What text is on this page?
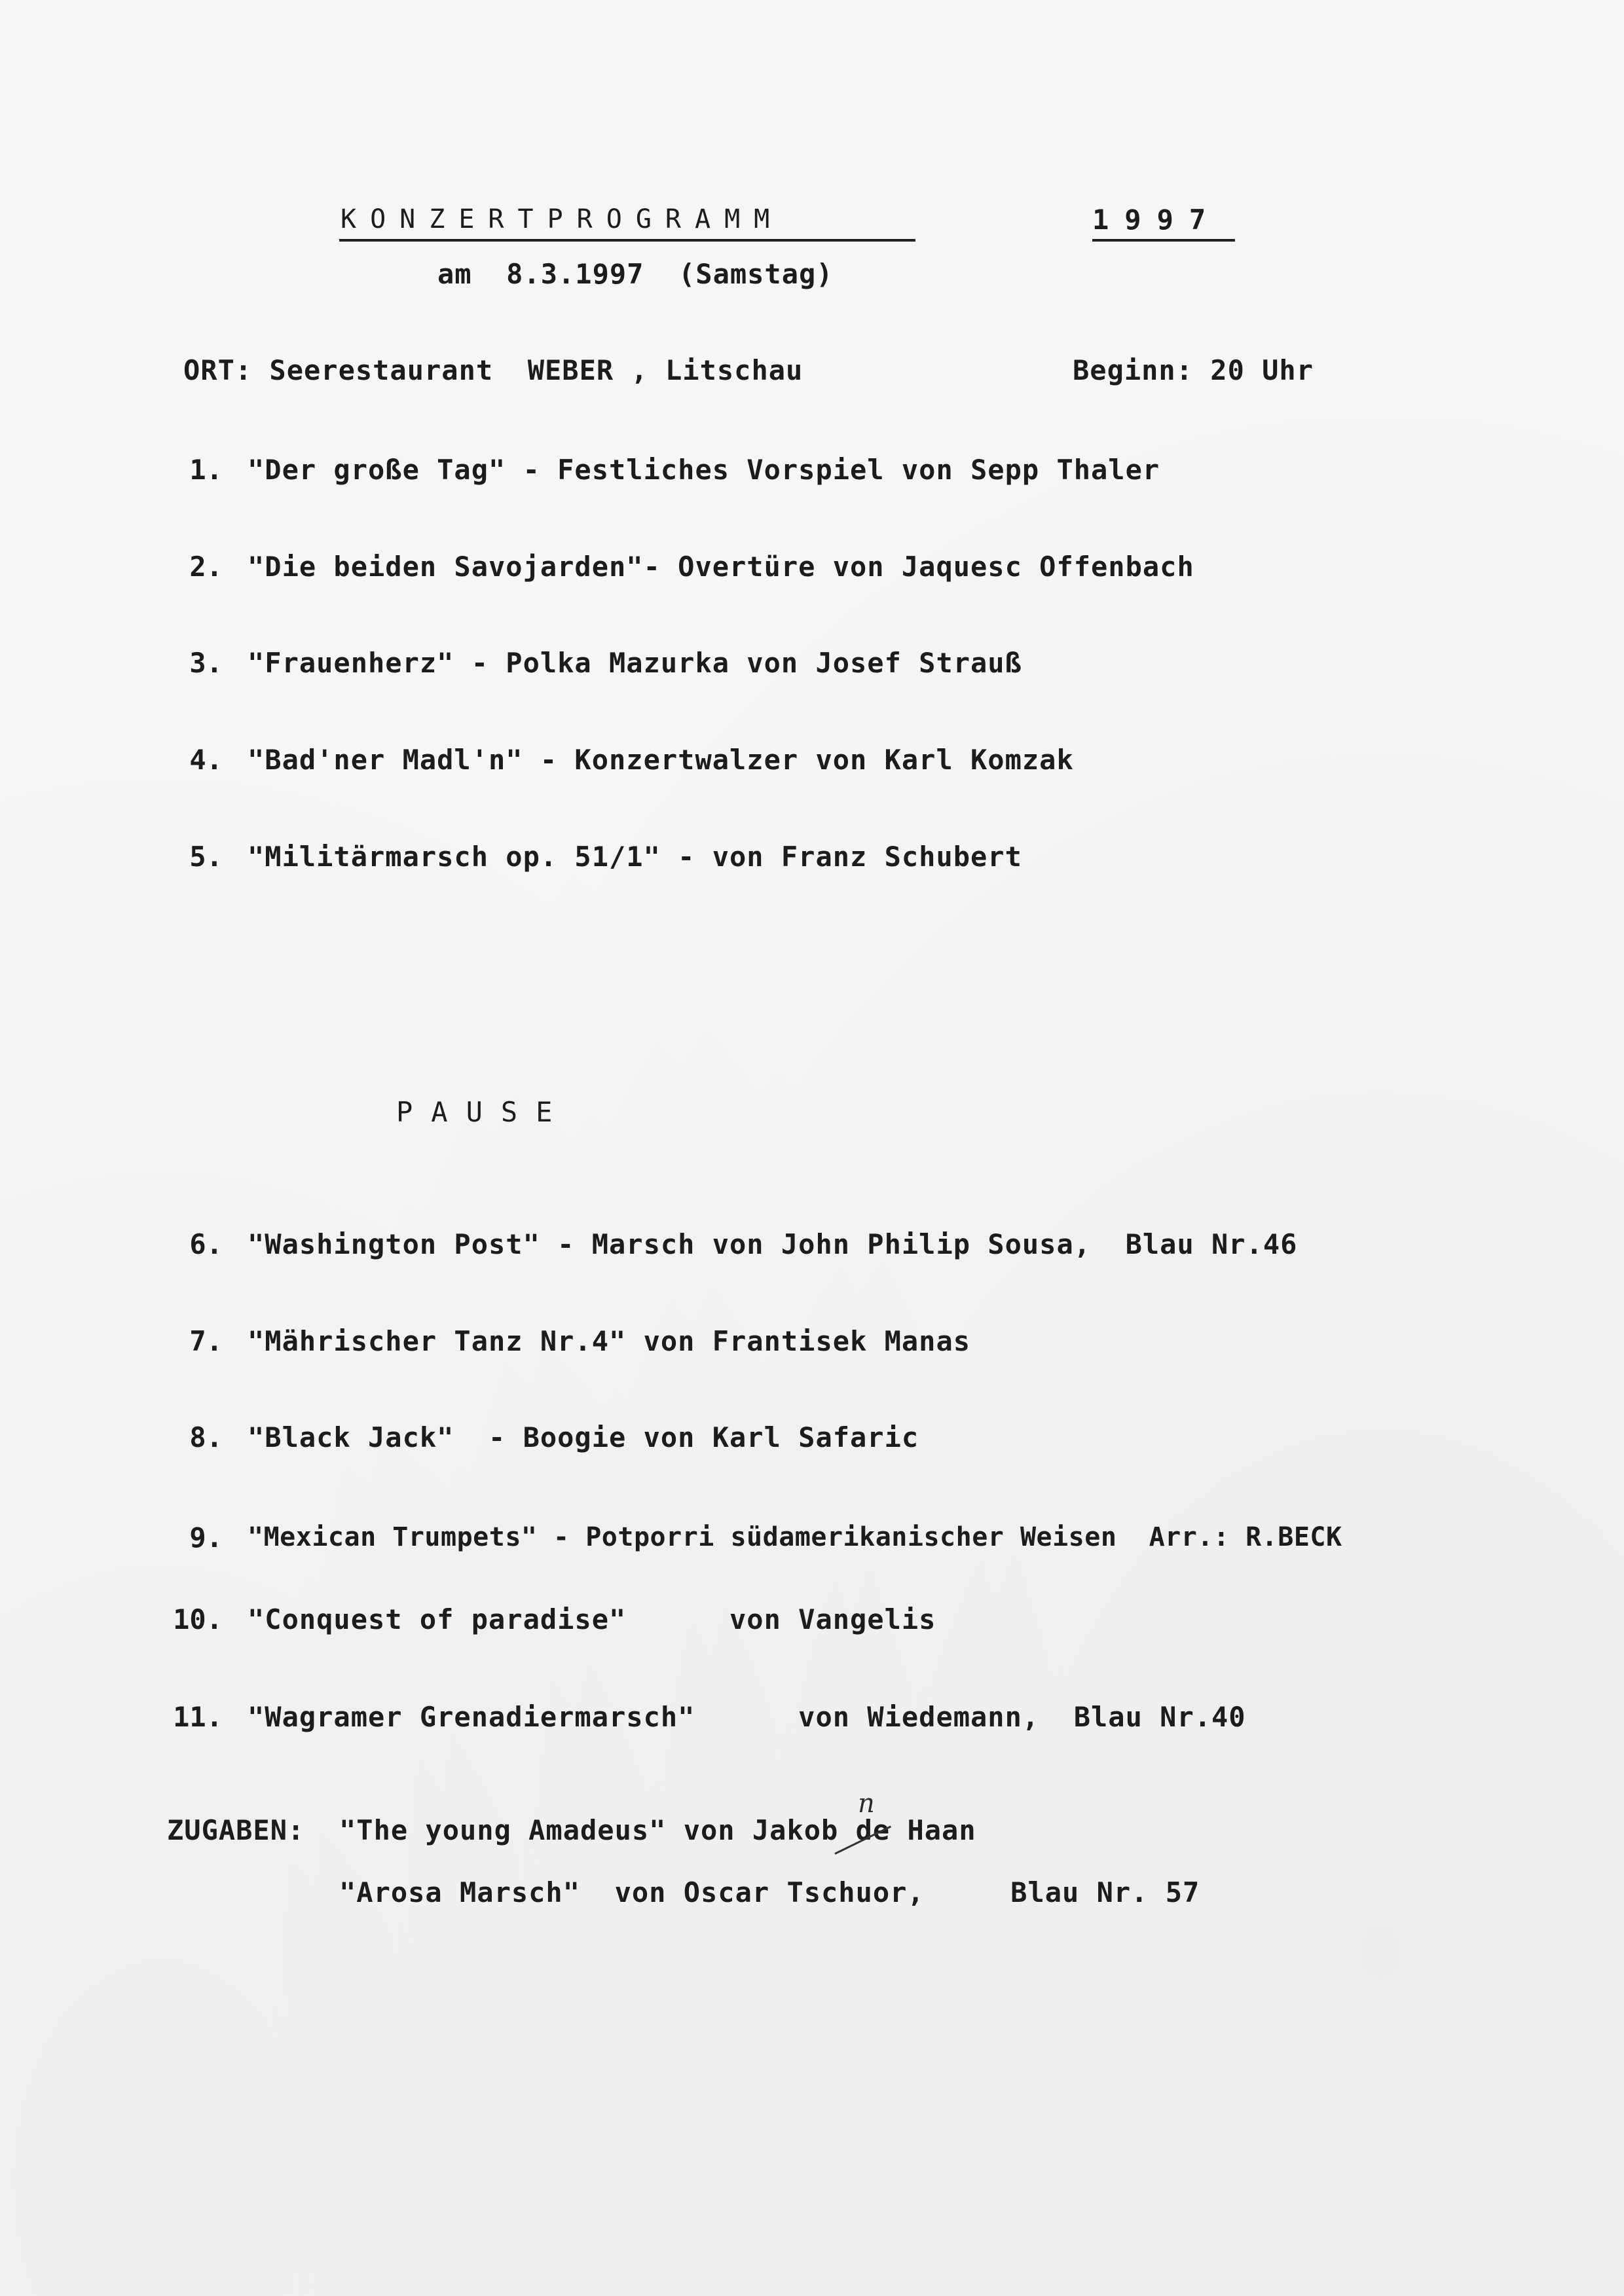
KONZERTPROGRAMM	1997
am  8.3.1997  (Samstag)
ORT: Seerestaurant  WEBER , Litschau	Beginn: 20 Uhr
1. "Der große Tag" - Festliches Vorspiel von Sepp Thaler
2. "Die beiden Savojarden"- Overtüre von Jaquesc Offenbach
3. "Frauenherz" - Polka Mazurka von Josef Strauß
4. "Bad'ner Madl'n" - Konzertwalzer von Karl Komzak
5. "Militärmarsch op. 51/1" - von Franz Schubert
PAUSE
6. "Washington Post" - Marsch von John Philip Sousa,  Blau Nr.46
7. "Mährischer Tanz Nr.4" von Frantisek Manas
8. "Black Jack"  - Boogie von Karl Safaric
9. "Mexican Trumpets" - Potporri südamerikanischer Weisen  Arr.: R.BECK
10. "Conquest of paradise"      von Vangelis
11. "Wagramer Grenadiermarsch"      von Wiedemann,  Blau Nr.40
ZUGABEN: "The young Amadeus" von Jakob de Haan
n
"Arosa Marsch"  von Oscar Tschuor,     Blau Nr. 57
